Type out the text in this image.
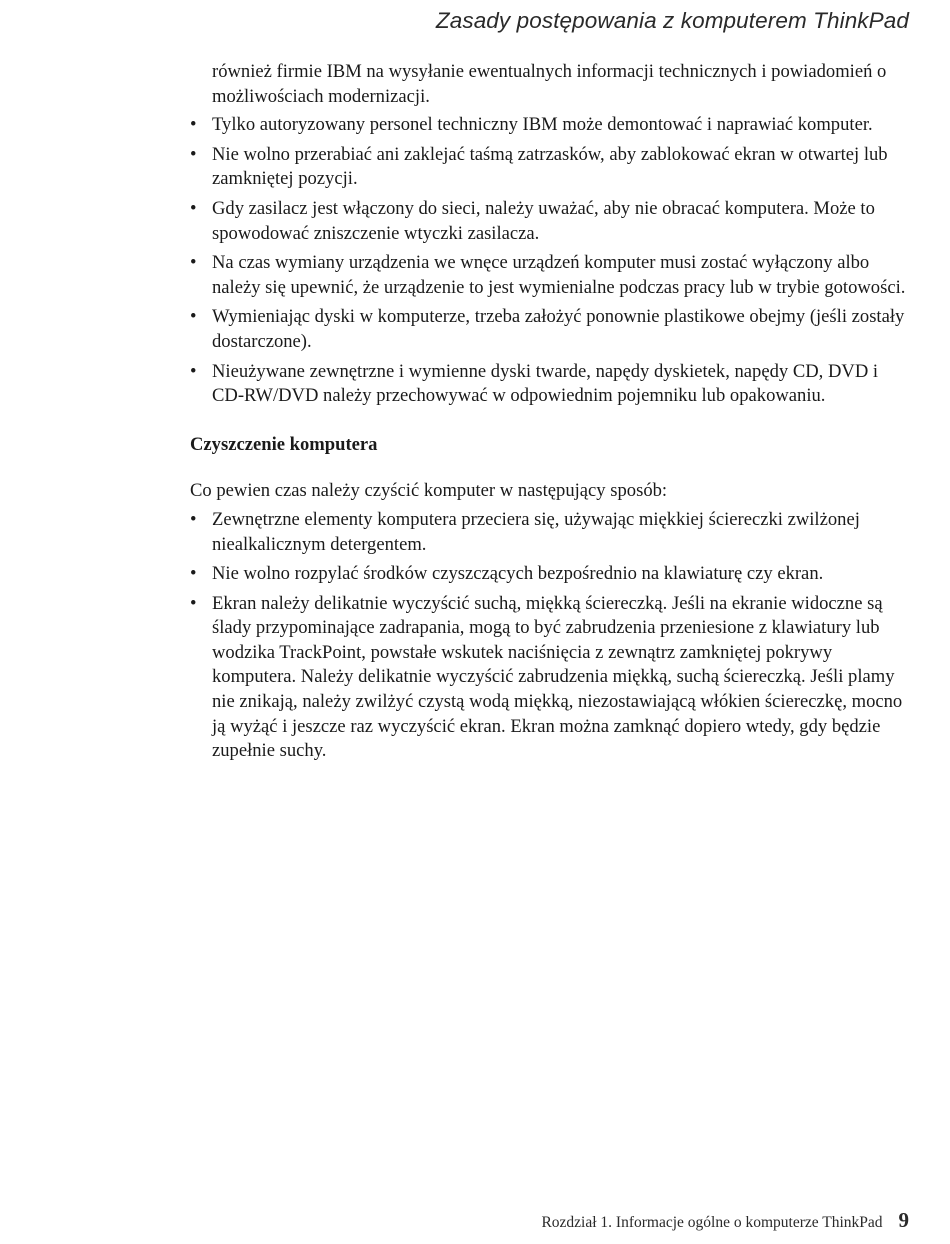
Zasady postępowania z komputerem ThinkPad

również firmie IBM na wysyłanie ewentualnych informacji technicznych i powiadomień o możliwościach modernizacji.

• Tylko autoryzowany personel techniczny IBM może demontować i naprawiać komputer.
• Nie wolno przerabiać ani zaklejać taśmą zatrzasków, aby zablokować ekran w otwartej lub zamkniętej pozycji.
• Gdy zasilacz jest włączony do sieci, należy uważać, aby nie obracać komputera. Może to spowodować zniszczenie wtyczki zasilacza.
• Na czas wymiany urządzenia we wnęce urządzeń komputer musi zostać wyłączony albo należy się upewnić, że urządzenie to jest wymienialne podczas pracy lub w trybie gotowości.
• Wymieniając dyski w komputerze, trzeba założyć ponownie plastikowe obejmy (jeśli zostały dostarczone).
• Nieużywane zewnętrzne i wymienne dyski twarde, napędy dyskietek, napędy CD, DVD i CD-RW/DVD należy przechowywać w odpowiednim pojemniku lub opakowaniu.
Czyszczenie komputera

Co pewien czas należy czyścić komputer w następujący sposób:

• Zewnętrzne elementy komputera przeciera się, używając miękkiej ściereczki zwilżonej niealkalicznym detergentem.
• Nie wolno rozpylać środków czyszczących bezpośrednio na klawiaturę czy ekran.
• Ekran należy delikatnie wyczyścić suchą, miękką ściereczką. Jeśli na ekranie widoczne są ślady przypominające zadrapania, mogą to być zabrudzenia przeniesione z klawiatury lub wodzika TrackPoint, powstałe wskutek naciśnięcia z zewnątrz zamkniętej pokrywy komputera. Należy delikatnie wyczyścić zabrudzenia miękką, suchą ściereczką. Jeśli plamy nie znikają, należy zwilżyć czystą wodą miękką, niezostawiającą włókien ściereczkę, mocno ją wyżąć i jeszcze raz wyczyścić ekran. Ekran można zamknąć dopiero wtedy, gdy będzie zupełnie suchy.
Rozdział 1. Informacje ogólne o komputerze ThinkPad 9
